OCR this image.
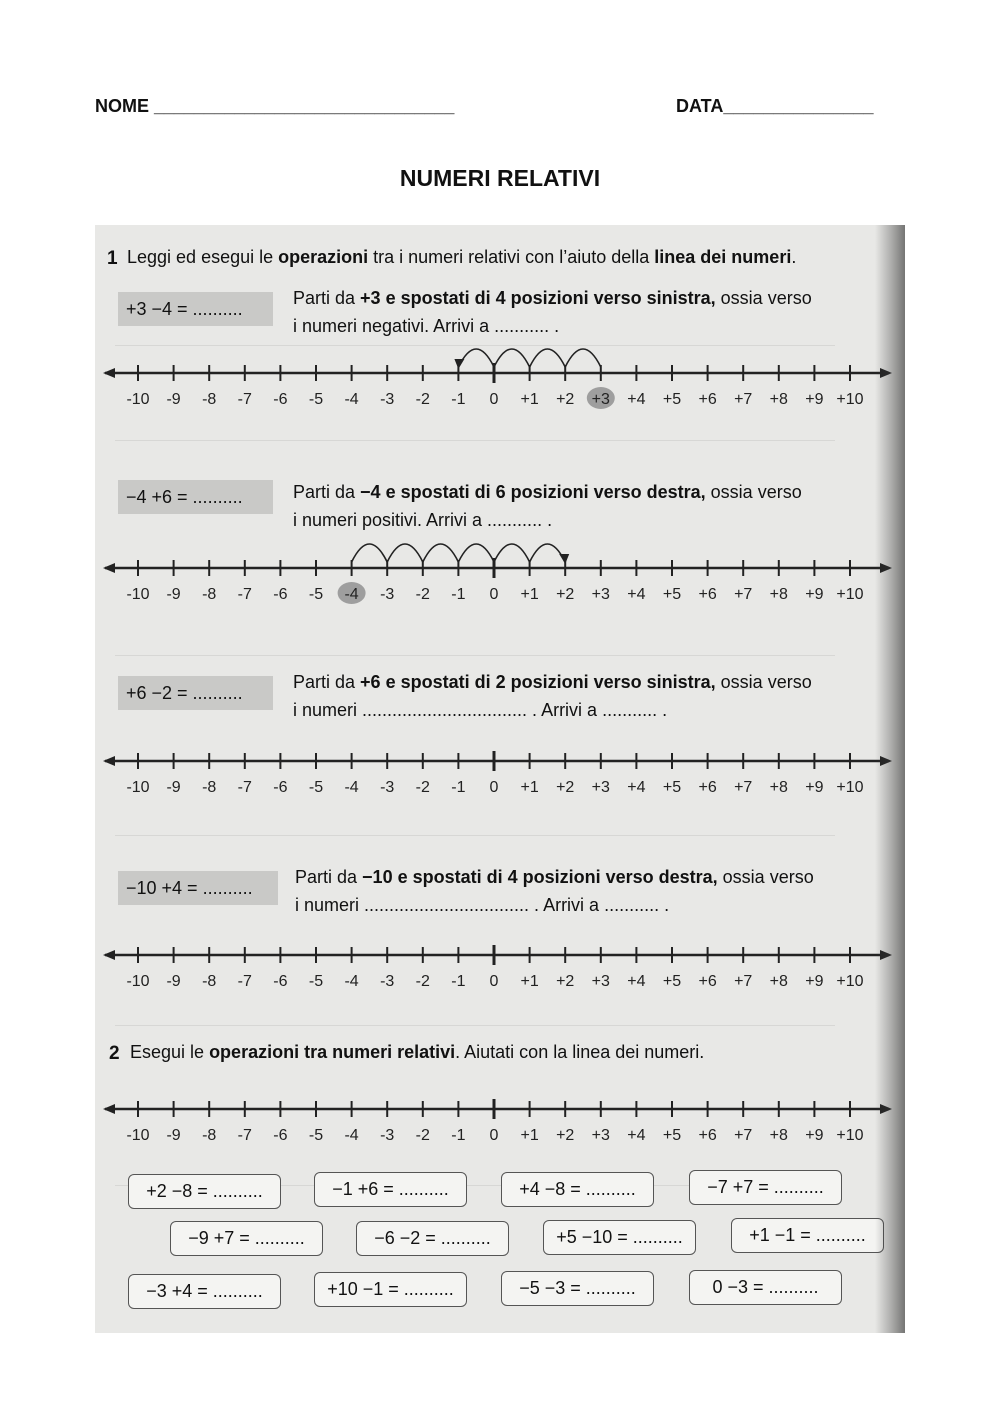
NOME ______________________________	DATA_______________
NUMERI RELATIVI
1 Leggi ed esegui le operazioni tra i numeri relativi con l’aiuto della linea dei numeri.
+3 −4 = ..........
Parti da +3 e spostati di 4 posizioni verso sinistra, ossia verso
i numeri negativi. Arrivi a ........... .
-10 -9 -8 -7 -6 -5 -4 -3 -2 -1 0 +1 +2 +3 +4 +5 +6 +7 +8 +9 +10
−4 +6 = ..........	Parti da −4 e spostati di 6 posizioni verso destra, ossia verso
i numeri positivi. Arrivi a ........... .
-10 -9 -8 -7 -6 -5 -4 -3 -2 -1 0 +1 +2 +3 +4 +5 +6 +7 +8 +9 +10
+6 −2 = ..........
Parti da +6 e spostati di 2 posizioni verso sinistra, ossia verso
i numeri ................................. . Arrivi a ........... .
-10 -9 -8 -7 -6 -5 -4 -3 -2 -1 0 +1 +2 +3 +4 +5 +6 +7 +8 +9 +10
−10 +4 = ..........
Parti da −10 e spostati di 4 posizioni verso destra, ossia verso
i numeri ................................. . Arrivi a ........... .
-10 -9 -8 -7 -6 -5 -4 -3 -2 -1 0 +1 +2 +3 +4 +5 +6 +7 +8 +9 +10
2 Esegui le operazioni tra numeri relativi. Aiutati con la linea dei numeri.
-10 -9 -8 -7 -6 -5 -4 -3 -2 -1 0 +1 +2 +3 +4 +5 +6 +7 +8 +9 +10
+2 −8 = ..........	−1 +6 = ..........	+4 −8 = ..........	−7 +7 = ..........
−9 +7 = ..........	−6 −2 = ..........	+5 −10 = ..........	+1 −1 = ..........
−3 +4 = ..........	+10 −1 = ..........	−5 −3 = ..........	0 −3 = ..........
